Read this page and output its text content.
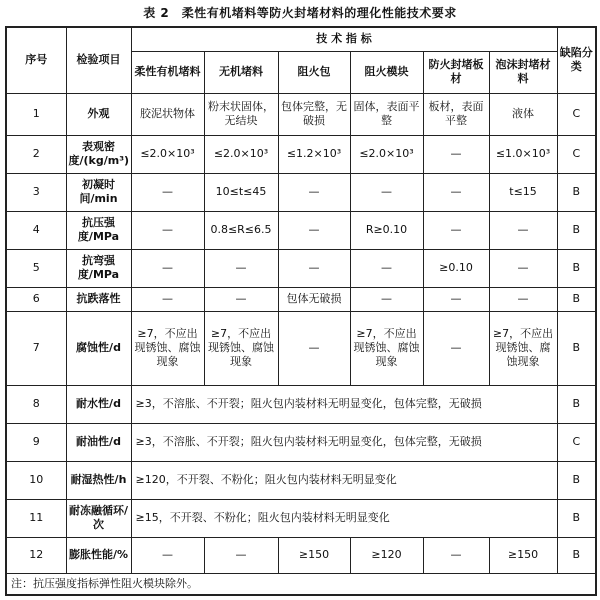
表 2　柔性有机堵料等防火封堵材料的理化性能技术要求
序号	检验项目	技 术 指 标						缺陷分类
		柔性有机堵料	无机堵料	阻火包	阻火模块	防火封堵板材	泡沫封堵材料	
1	外观	胶泥状物体	粉末状固体，无结块	包体完整，无破损	固体，表面平整	板材，表面平整	液体	C
2	表观密度/(kg/m³)	≤2.0×10³	≤2.0×10³	≤1.2×10³	≤2.0×10³	—	≤1.0×10³	C
3	初凝时间/min	—	10≤t≤45	—	—	—	t≤15	B
4	抗压强度/MPa	—	0.8≤R≤6.5	—	R≥0.10	—	—	B
5	抗弯强度/MPa	—	—	—	—	≥0.10	—	B
6	抗跌落性	—	—	包体无破损	—	—	—	B
7	腐蚀性/d	≥7，不应出现锈蚀、腐蚀现象	≥7，不应出现锈蚀、腐蚀现象	—	≥7，不应出现锈蚀、腐蚀现象	—	≥7，不应出现锈蚀、腐蚀现象	B
8	耐水性/d	≥3，不溶胀、不开裂；阻火包内装材料无明显变化，包体完整，无破损						B
9	耐油性/d	≥3，不溶胀、不开裂；阻火包内装材料无明显变化，包体完整，无破损						C
10	耐湿热性/h	≥120，不开裂、不粉化；阻火包内装材料无明显变化						B
11	耐冻融循环/次	≥15，不开裂、不粉化；阻火包内装材料无明显变化						B
12	膨胀性能/%	—	—	≥150	≥120	—	≥150	B
注：抗压强度指标弹性阻火模块除外。								
